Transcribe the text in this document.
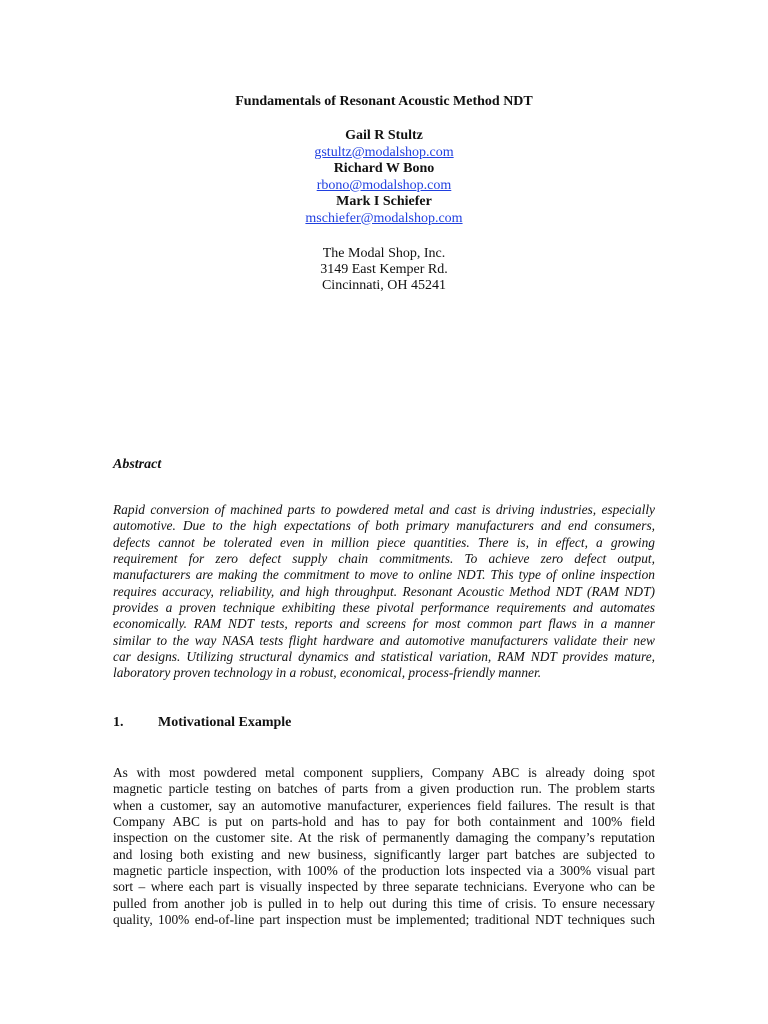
Fundamentals of Resonant Acoustic Method NDT
Gail R Stultz
gstultz@modalshop.com
Richard W Bono
rbono@modalshop.com
Mark I Schiefer
mschiefer@modalshop.com
The Modal Shop, Inc.
3149 East Kemper Rd.
Cincinnati, OH 45241
Abstract
Rapid conversion of machined parts to powdered metal and cast is driving industries, especially
automotive. Due to the high expectations of both primary manufacturers and end consumers,
defects cannot be tolerated even in million piece quantities. There is, in effect, a growing
requirement for zero defect supply chain commitments. To achieve zero defect output,
manufacturers are making the commitment to move to online NDT. This type of online inspection
requires accuracy, reliability, and high throughput. Resonant Acoustic Method NDT (RAM NDT)
provides a proven technique exhibiting these pivotal performance requirements and automates
economically. RAM NDT tests, reports and screens for most common part flaws in a manner
similar to the way NASA tests flight hardware and automotive manufacturers validate their new
car designs. Utilizing structural dynamics and statistical variation, RAM NDT provides mature,
laboratory proven technology in a robust, economical, process-friendly manner.
1. Motivational Example
As with most powdered metal component suppliers, Company ABC is already doing spot
magnetic particle testing on batches of parts from a given production run. The problem starts
when a customer, say an automotive manufacturer, experiences field failures. The result is that
Company ABC is put on parts-hold and has to pay for both containment and 100% field
inspection on the customer site. At the risk of permanently damaging the company’s reputation
and losing both existing and new business, significantly larger part batches are subjected to
magnetic particle inspection, with 100% of the production lots inspected via a 300% visual part
sort – where each part is visually inspected by three separate technicians. Everyone who can be
pulled from another job is pulled in to help out during this time of crisis. To ensure necessary
quality, 100% end-of-line part inspection must be implemented; traditional NDT techniques such
